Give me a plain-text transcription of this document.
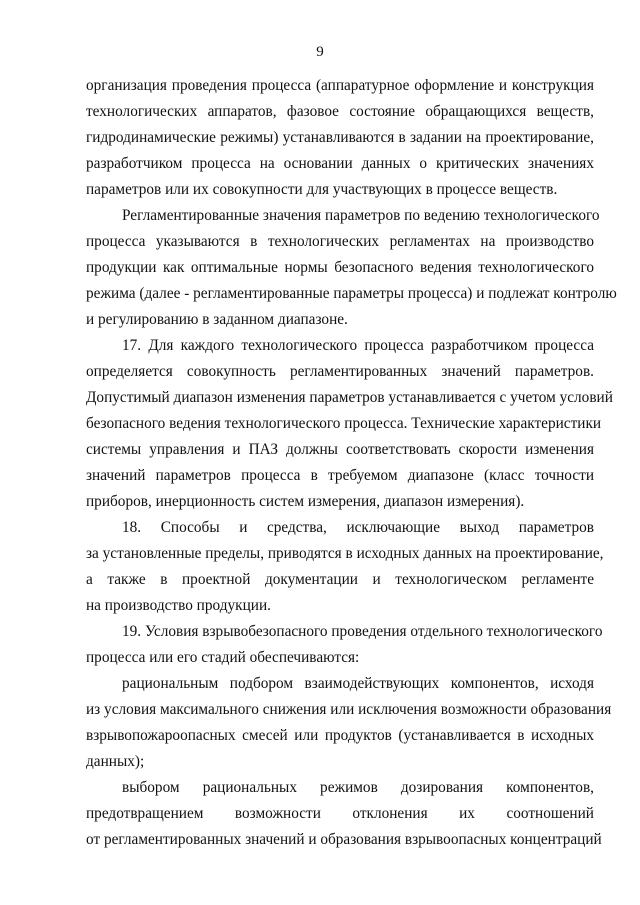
9
организация проведения процесса (аппаратурное оформление и конструкция
технологических аппаратов, фазовое состояние обращающихся веществ,
гидродинамические режимы) устанавливаются в задании на проектирование,
разработчиком процесса на основании данных о критических значениях
параметров или их совокупности для участвующих в процессе веществ.
Регламентированные значения параметров по ведению технологического
процесса указываются в технологических регламентах на производство
продукции как оптимальные нормы безопасного ведения технологического
режима (далее - регламентированные параметры процесса) и подлежат контролю
и регулированию в заданном диапазоне.
17. Для каждого технологического процесса разработчиком процесса
определяется совокупность регламентированных значений параметров.
Допустимый диапазон изменения параметров устанавливается с учетом условий
безопасного ведения технологического процесса. Технические характеристики
системы управления и ПАЗ должны соответствовать скорости изменения
значений параметров процесса в требуемом диапазоне (класс точности
приборов, инерционность систем измерения, диапазон измерения).
18. Способы и средства, исключающие выход параметров
за установленные пределы, приводятся в исходных данных на проектирование,
а также в проектной документации и технологическом регламенте
на производство продукции.
19. Условия взрывобезопасного проведения отдельного технологического
процесса или его стадий обеспечиваются:
рациональным подбором взаимодействующих компонентов, исходя
из условия максимального снижения или исключения возможности образования
взрывопожароопасных смесей или продуктов (устанавливается в исходных
данных);
выбором рациональных режимов дозирования компонентов,
предотвращением возможности отклонения их соотношений
от регламентированных значений и образования взрывоопасных концентраций
